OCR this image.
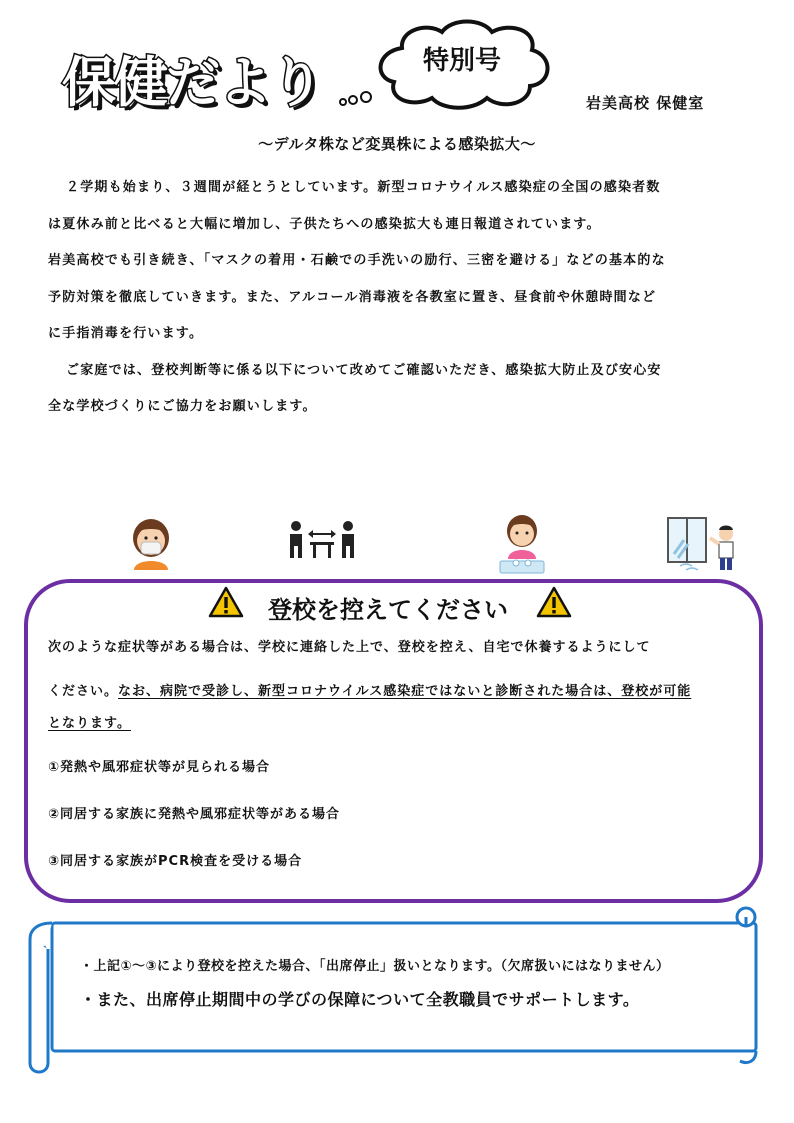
保健だより	特別号
岩美高校 保健室
～デルタ株など変異株による感染拡大～

２学期も始まり、３週間が経とうとしています。新型コロナウイルス感染症の全国の感染者数

は夏休み前と比べると大幅に増加し、子供たちへの感染拡大も連日報道されています。

岩美高校でも引き続き、「マスクの着用・石鹸での手洗いの励行、三密を避ける」などの基本的な

予防対策を徹底していきます。また、アルコール消毒液を各教室に置き、昼食前や休憩時間など

に手指消毒を行います。

ご家庭では、登校判断等に係る以下について改めてご確認いただき、感染拡大防止及び安心安

全な学校づくりにご協力をお願いします。

登校を控えてください

次のような症状等がある場合は、学校に連絡した上で、登校を控え、自宅で休養するようにして

ください。なお、病院で受診し、新型コロナウイルス感染症ではないと診断された場合は、登校が可能

となります。

①発熱や風邪症状等が見られる場合
②同居する家族に発熱や風邪症状等がある場合
③同居する家族がPCR検査を受ける場合
・上記①～③により登校を控えた場合、「出席停止」扱いとなります。（欠席扱いにはなりません）
・また、出席停止期間中の学びの保障について全教職員でサポートします。
